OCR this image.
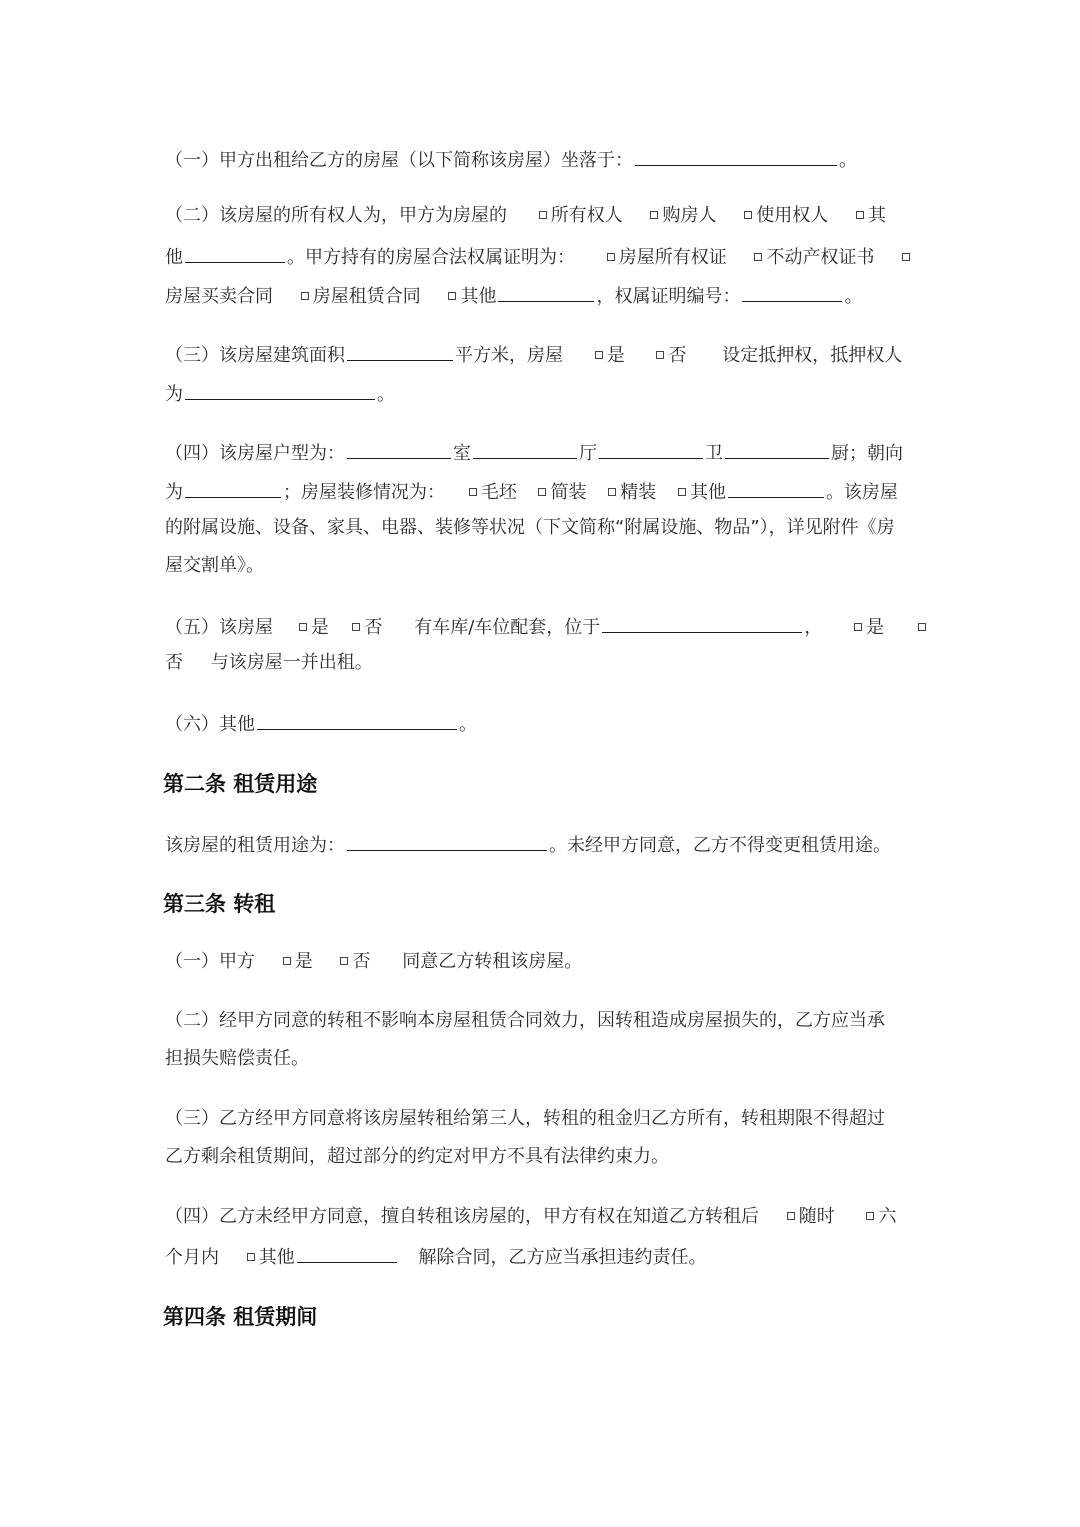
（一）甲方出租给乙方的房屋（以下简称该房屋）坐落于：	。
（二）该房屋的所有权人为，甲方为房屋的 所有权人 购房人 使用权人 其
他	。甲方持有的房屋合法权属证明为： 房屋所有权证 不动产权证书
房屋买卖合同 房屋租赁合同 其他	，权属证明编号：	。
（三）该房屋建筑面积	平方米，房屋 是 否 设定抵押权，抵押权人
为	。
（四）该房屋户型为：	室	厅	卫	厨；朝向
为	；房屋装修情况为： 毛坯 简装 精装 其他	。该房屋
的附属设施、设备、家具、电器、装修等状况（下文简称“附属设施、物品”），详见附件《房
屋交割单》。
（五）该房屋 是 否 有车库/车位配套，位于	， 是
否 与该房屋一并出租。
（六）其他	。
第二条 租赁用途
该房屋的租赁用途为：	。未经甲方同意，乙方不得变更租赁用途。
第三条 转租
（一）甲方 是 否 同意乙方转租该房屋。
（二）经甲方同意的转租不影响本房屋租赁合同效力，因转租造成房屋损失的，乙方应当承
担损失赔偿责任。
（三）乙方经甲方同意将该房屋转租给第三人，转租的租金归乙方所有，转租期限不得超过
乙方剩余租赁期间，超过部分的约定对甲方不具有法律约束力。
（四）乙方未经甲方同意，擅自转租该房屋的，甲方有权在知道乙方转租后 随时 六
个月内 其他	解除合同，乙方应当承担违约责任。
第四条 租赁期间
